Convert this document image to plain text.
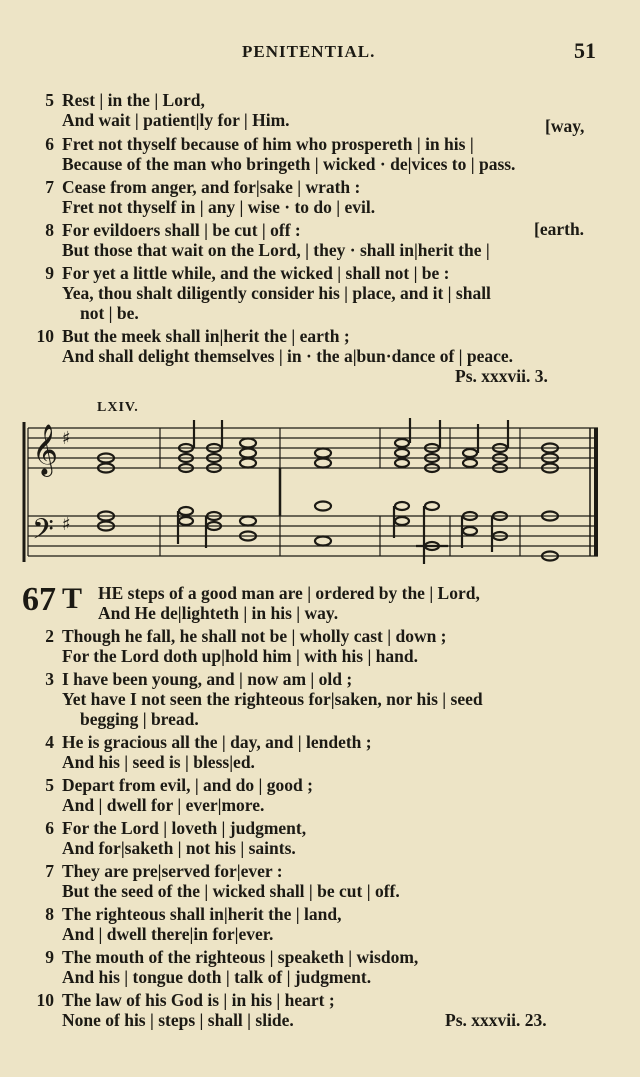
PENITENTIAL.	51
5 Rest | in the | Lord,
And wait | patient|ly for | Him.	[way,
6 Fret not thyself because of him who prospereth | in his |
Because of the man who bringeth | wicked · de|vices to | pass.
7 Cease from anger, and for|sake | wrath :
Fret not thyself in | any | wise · to do | evil.
8 For evildoers shall | be cut | off :
But those that wait on the Lord, | they · shall in|herit the |
[earth.
9 For yet a little while, and the wicked | shall not | be :
Yea, thou shalt diligently consider his | place, and it | shall
not | be.
10 But the meek shall in|herit the | earth ;
And shall delight themselves | in · the a|bun·dance of | peace.
Ps. xxxvii. 3.
LXIV.
𝄞
𝄢
♯
♯
67 T HE steps of a good man are | ordered by the | Lord,
And He de|lighteth | in his | way.
2 Though he fall, he shall not be | wholly cast | down ;
For the Lord doth up|hold him | with his | hand.
3 I have been young, and | now am | old ;
Yet have I not seen the righteous for|saken, nor his | seed
begging | bread.
4 He is gracious all the | day, and | lendeth ;
And his | seed is | bless|ed.
5 Depart from evil, | and do | good ;
And | dwell for | ever|more.
6 For the Lord | loveth | judgment,
And for|saketh | not his | saints.
7 They are pre|served for|ever :
But the seed of the | wicked shall | be cut | off.
8 The righteous shall in|herit the | land,
And | dwell there|in for|ever.
9 The mouth of the righteous | speaketh | wisdom,
And his | tongue doth | talk of | judgment.
10 The law of his God is | in his | heart ;
None of his | steps | shall | slide.	Ps. xxxvii. 23.
